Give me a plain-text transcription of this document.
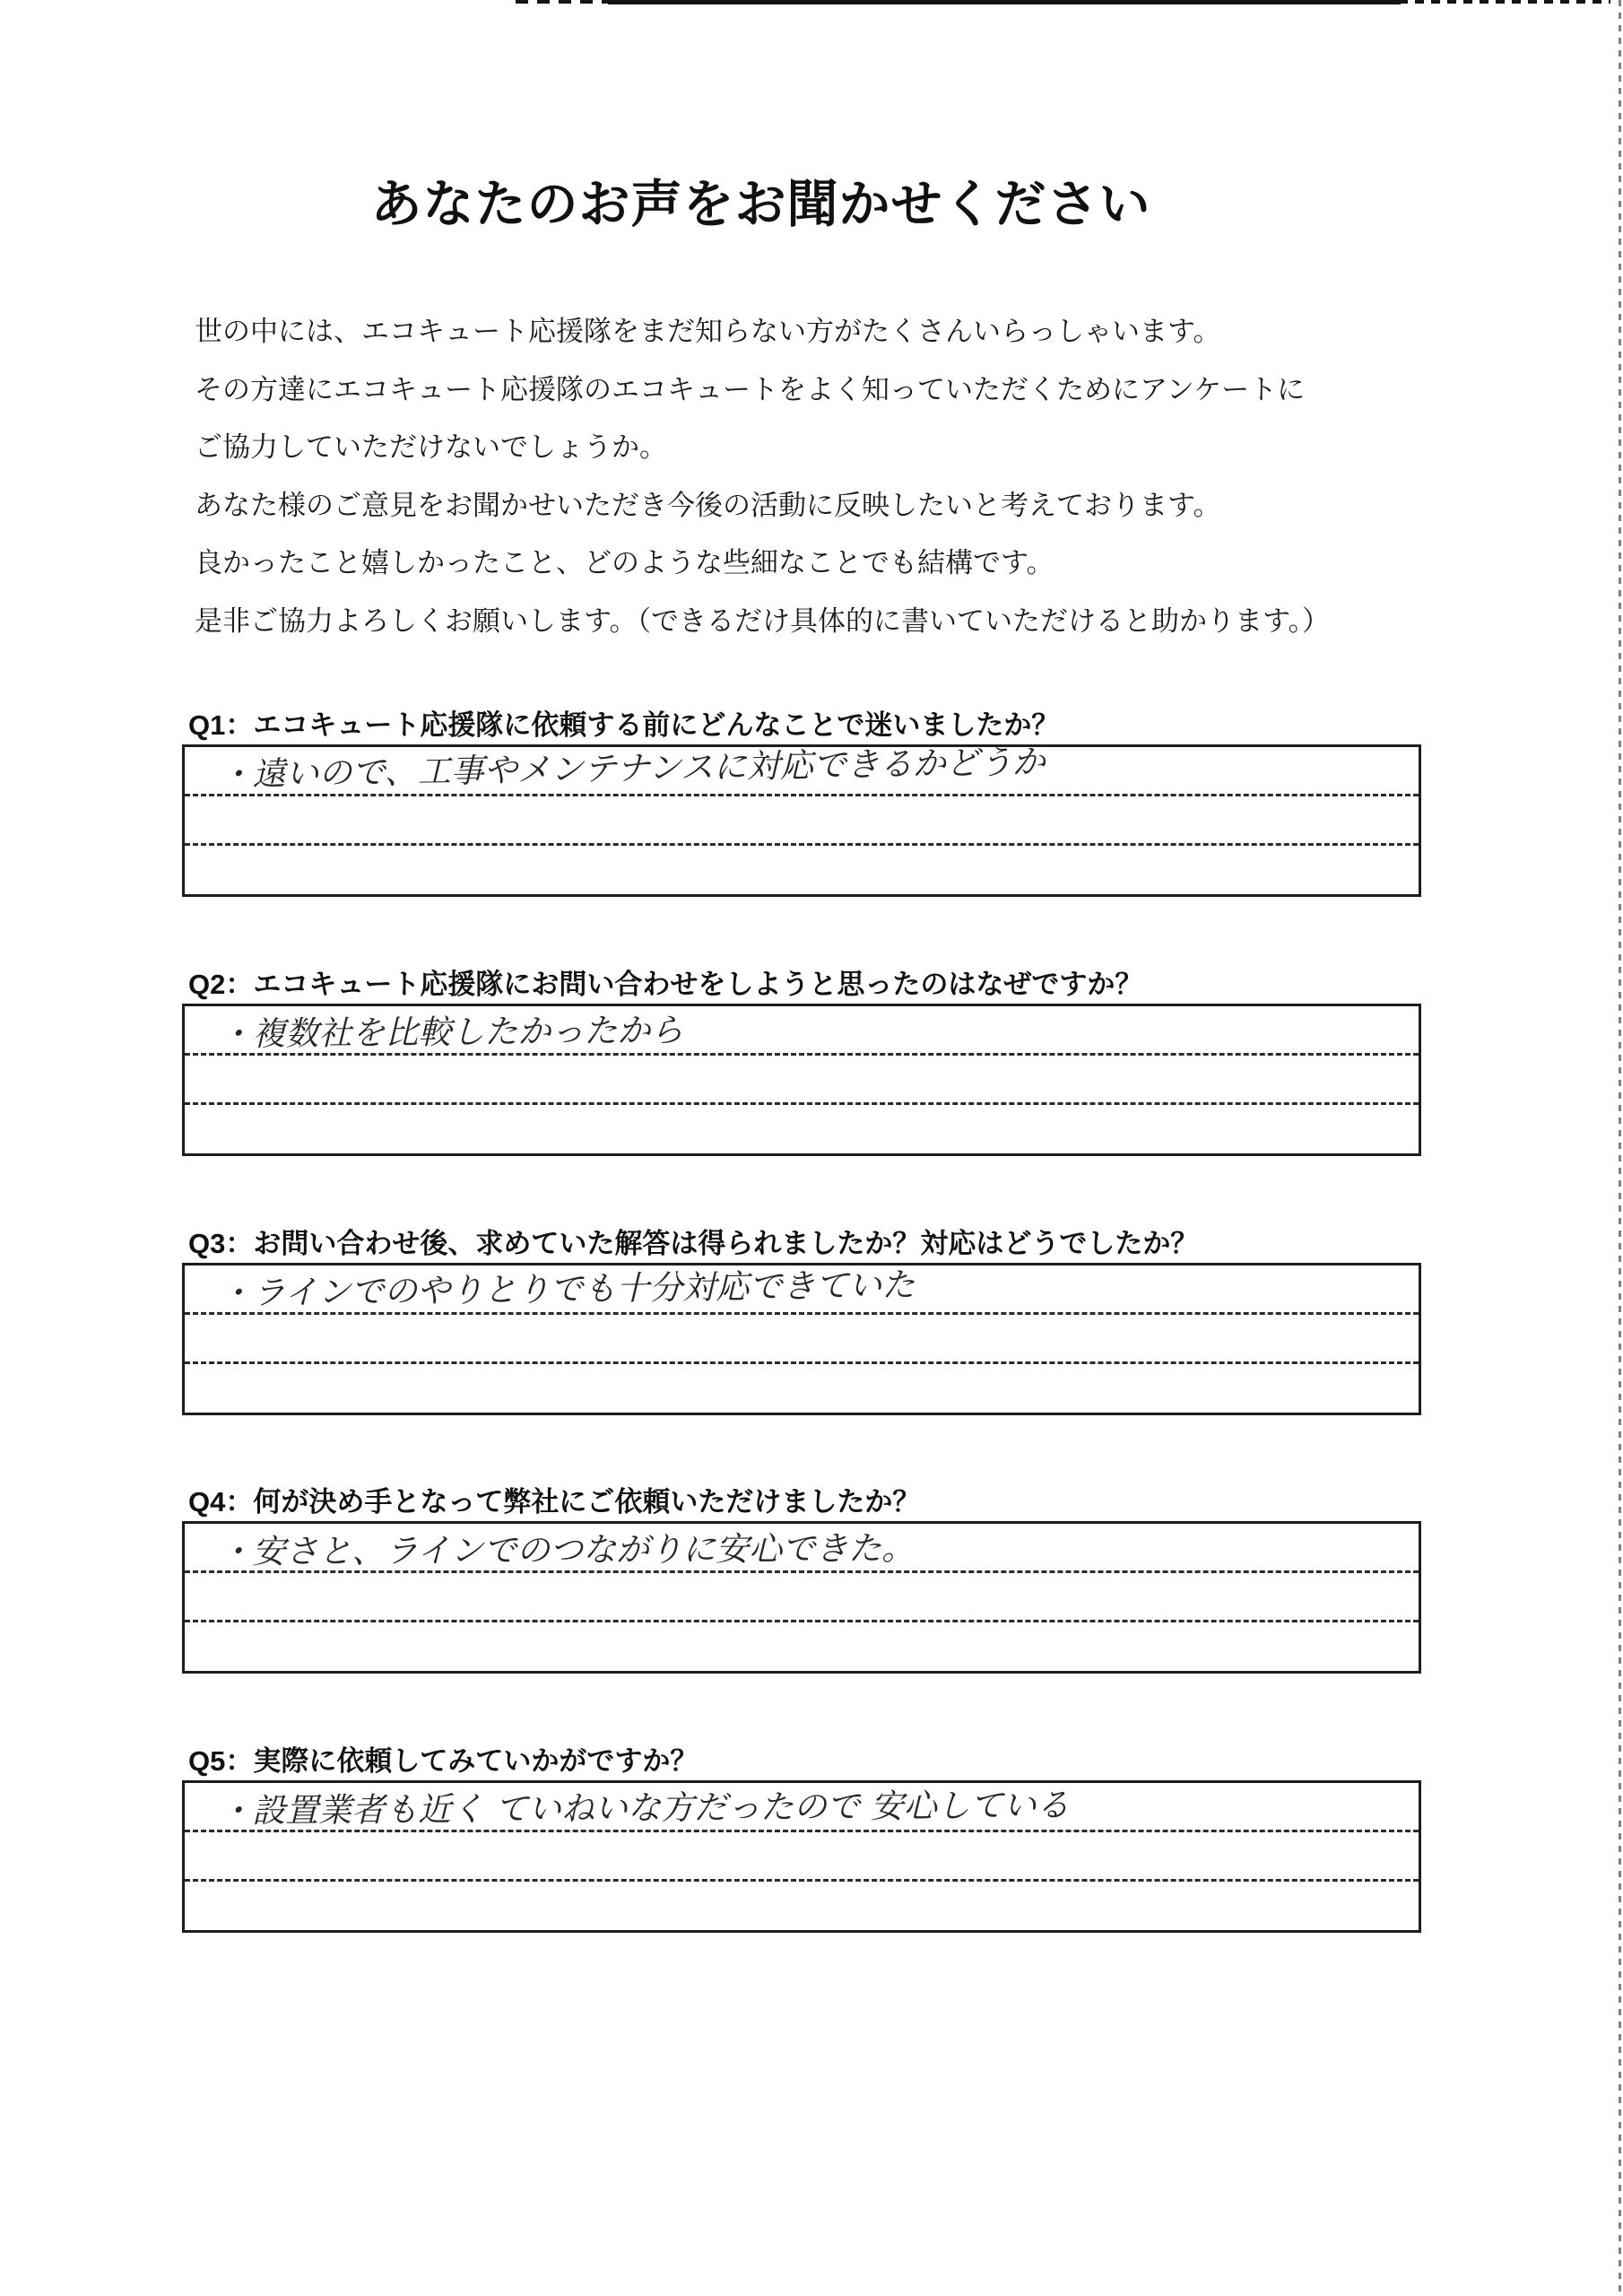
あなたのお声をお聞かせください

世の中には、エコキュート応援隊をまだ知らない方がたくさんいらっしゃいます。

その方達にエコキュート応援隊のエコキュートをよく知っていただくためにアンケートに

ご協力していただけないでしょうか。

あなた様のご意見をお聞かせいただき今後の活動に反映したいと考えております。

良かったこと嬉しかったこと、どのような些細なことでも結構です。

是非ご協力よろしくお願いします。（できるだけ具体的に書いていただけると助かります。）

Q1：エコキュート応援隊に依頼する前にどんなことで迷いましたか？
・遠いので、工事やメンテナンスに対応できるかどうか
Q2：エコキュート応援隊にお問い合わせをしようと思ったのはなぜですか？
・複数社を比較したかったから
Q3：お問い合わせ後、求めていた解答は得られましたか？対応はどうでしたか？
・ラインでのやりとりでも十分対応できていた
Q4：何が決め手となって弊社にご依頼いただけましたか？
・安さと、ラインでのつながりに安心できた。
Q5：実際に依頼してみていかがですか？
・設置業者も近く ていねいな方だったので 安心している
